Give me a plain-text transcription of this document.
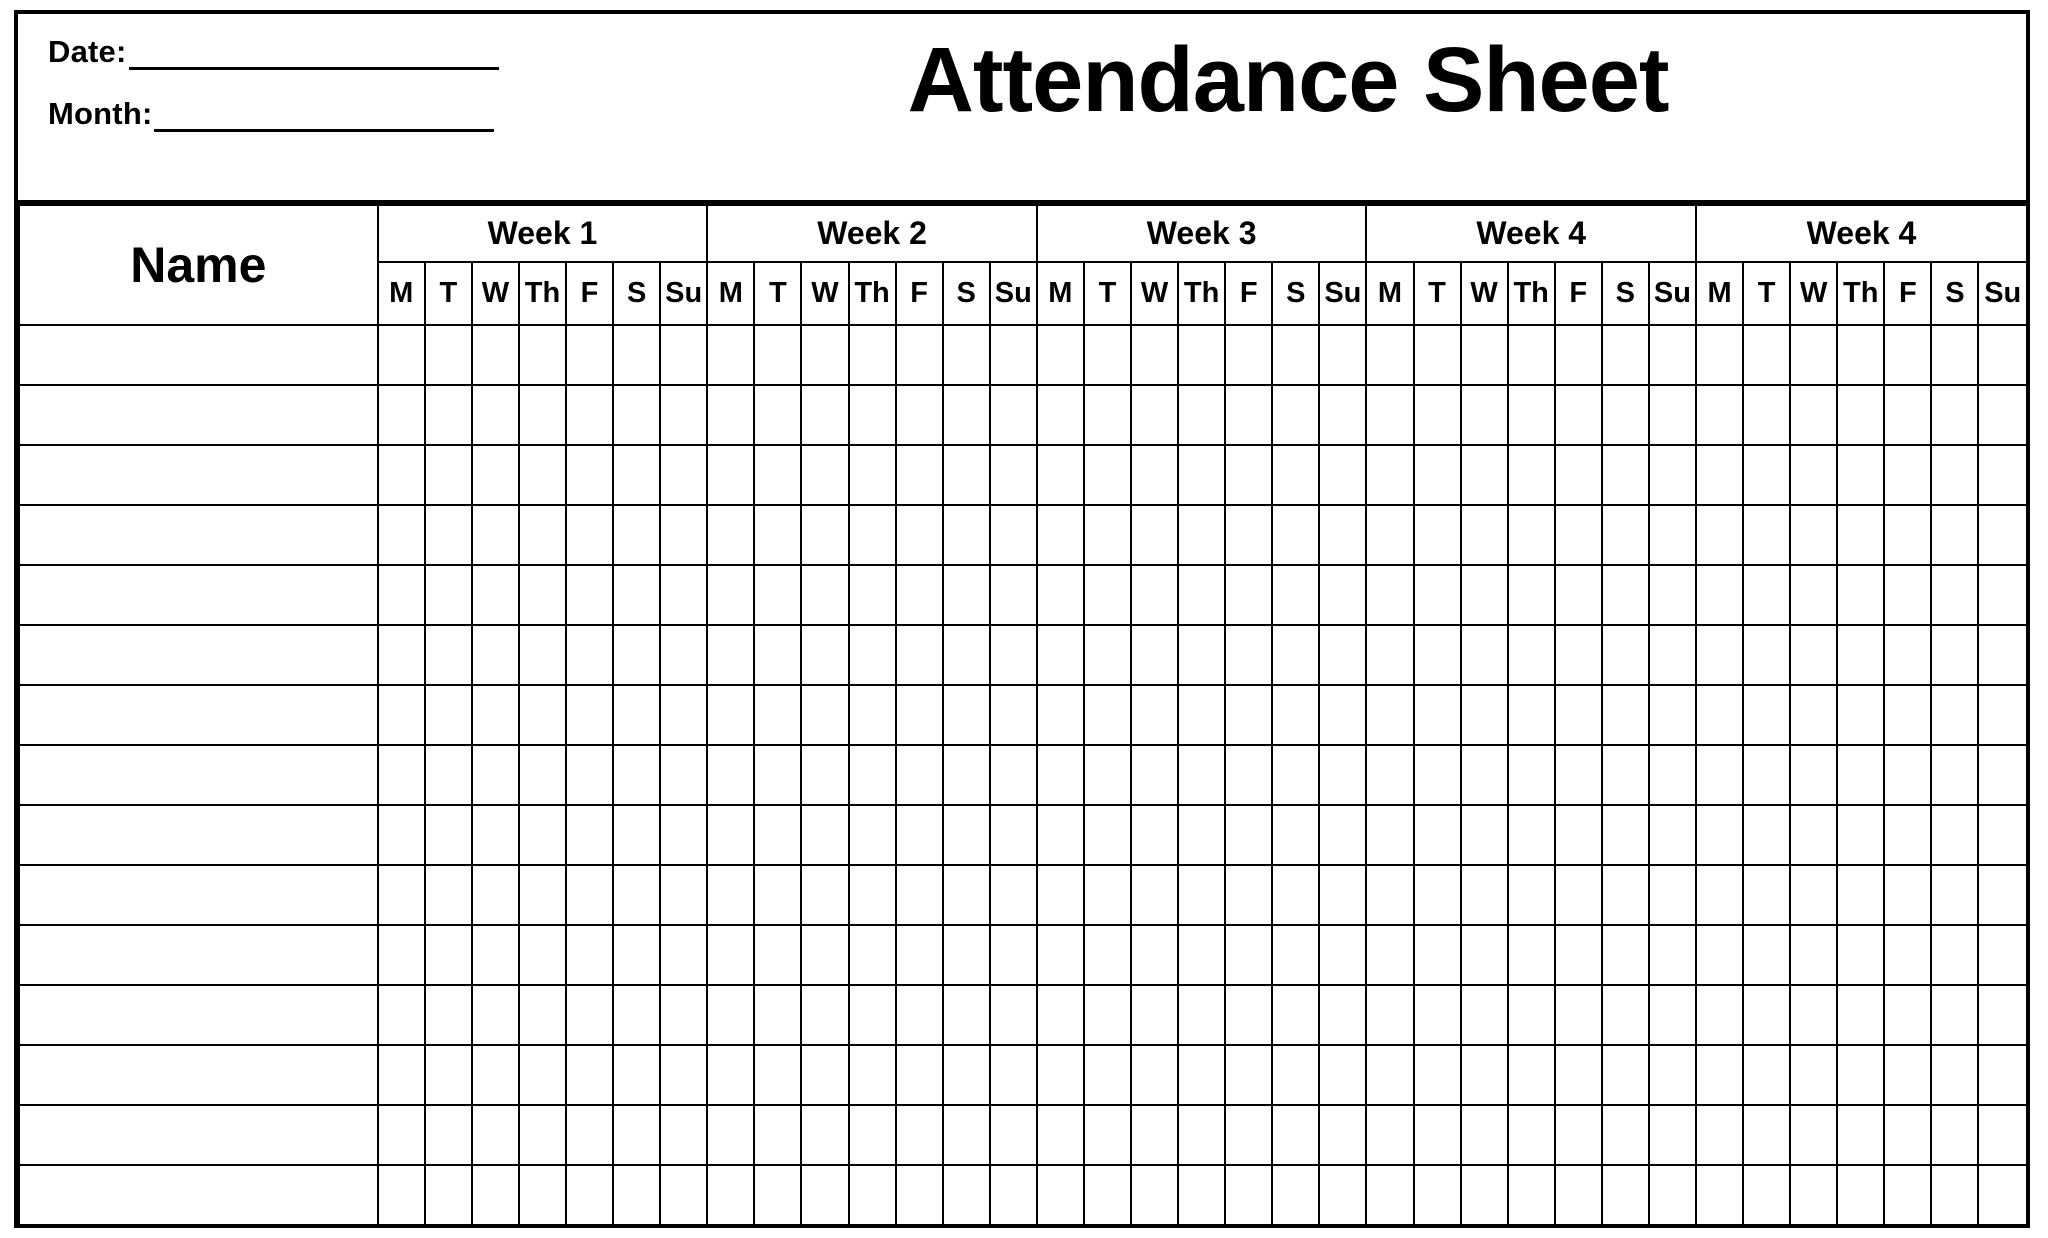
Date:
Month:	Attendance Sheet
Name	Week 1							Week 2							Week 3							Week 4							Week 4						
	M	T	W	Th	F	S	Su	M	T	W	Th	F	S	Su	M	T	W	Th	F	S	Su	M	T	W	Th	F	S	Su	M	T	W	Th	F	S	Su
